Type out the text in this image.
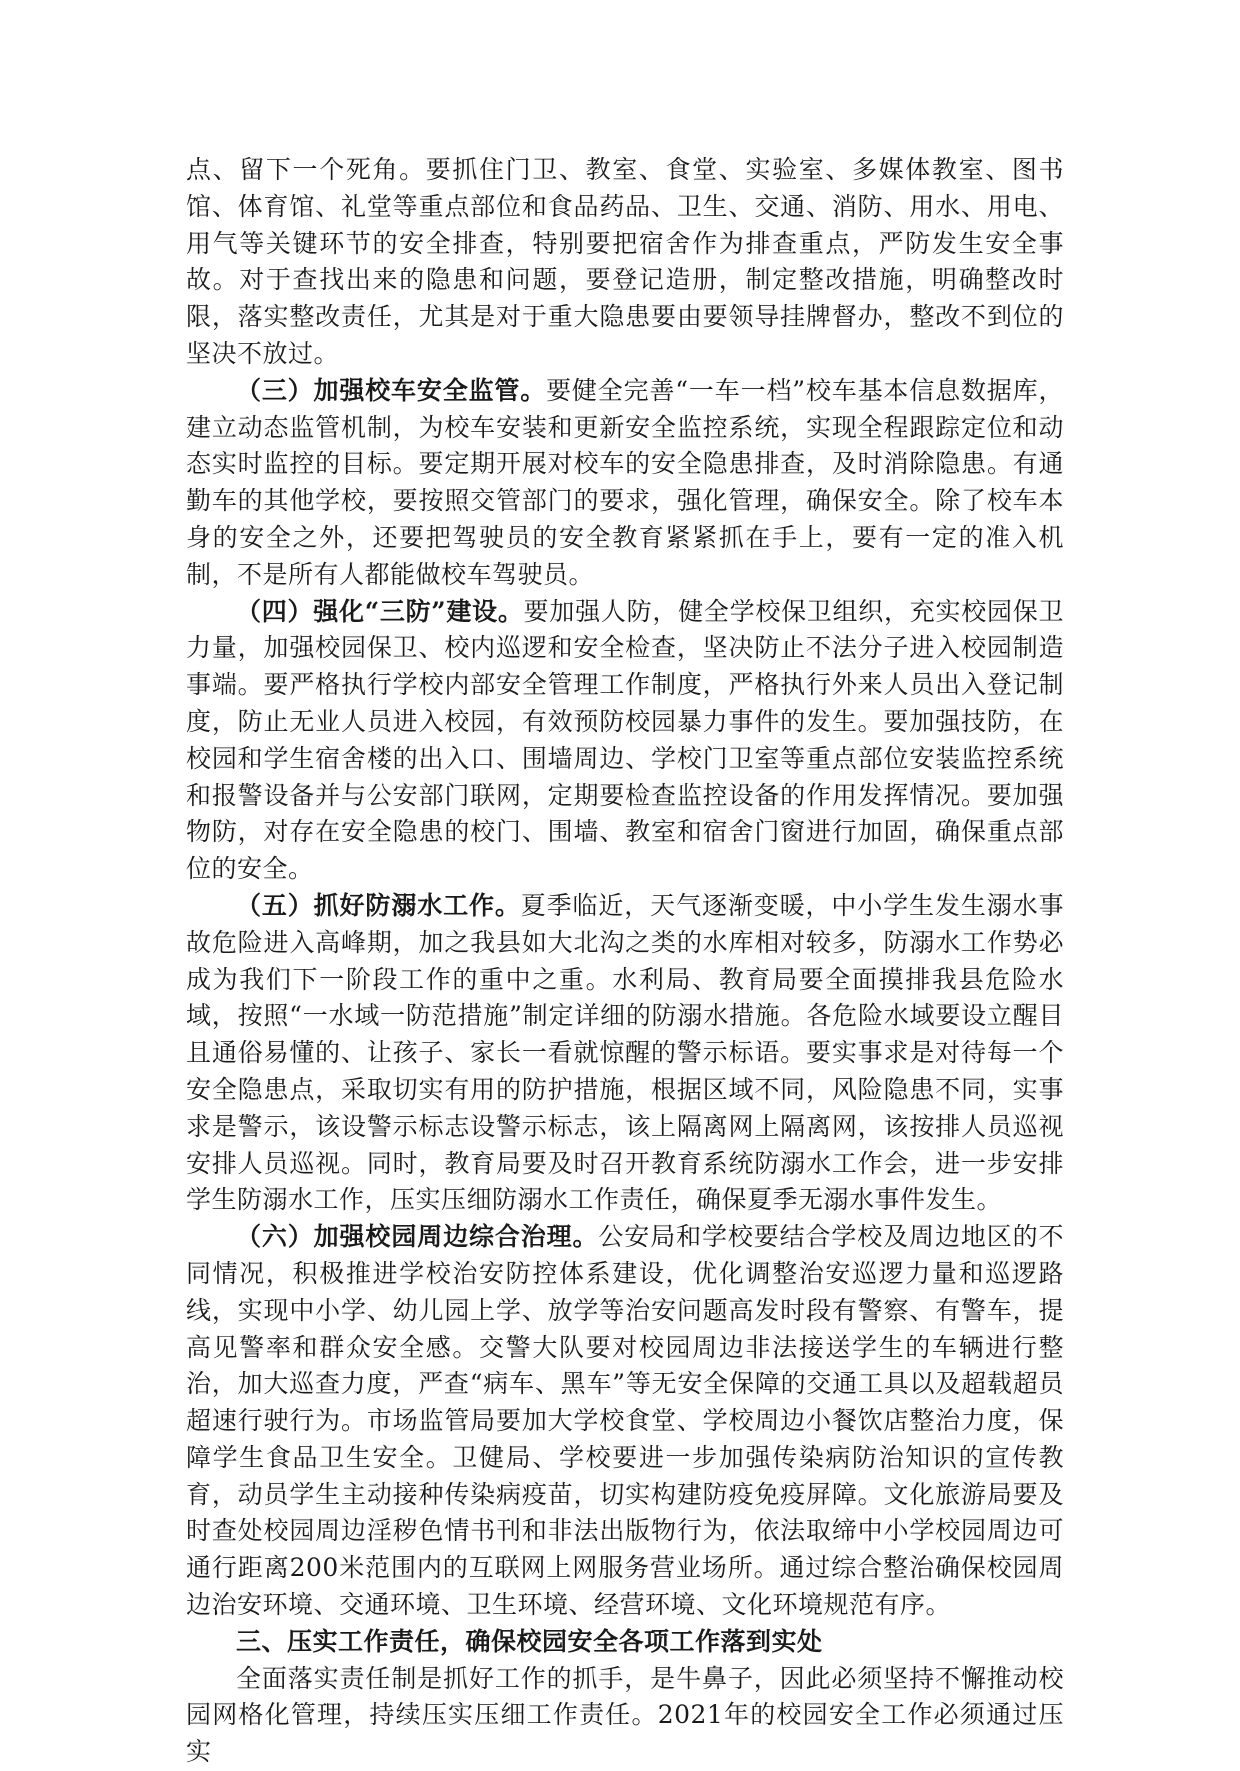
点、留下一个死角。要抓住门卫、教室、食堂、实验室、多媒体教室、图书馆、体育馆、礼堂等重点部位和食品药品、卫生、交通、消防、用水、用电、用气等关键环节的安全排查，特别要把宿舍作为排查重点，严防发生安全事故。对于查找出来的隐患和问题，要登记造册，制定整改措施，明确整改时限，落实整改责任，尤其是对于重大隐患要由要领导挂牌督办，整改不到位的坚决不放过。

（三）加强校车安全监管。要健全完善“一车一档”校车基本信息数据库，建立动态监管机制，为校车安装和更新安全监控系统，实现全程跟踪定位和动态实时监控的目标。要定期开展对校车的安全隐患排查，及时消除隐患。有通勤车的其他学校，要按照交管部门的要求，强化管理，确保安全。除了校车本身的安全之外，还要把驾驶员的安全教育紧紧抓在手上，要有一定的准入机制，不是所有人都能做校车驾驶员。

（四）强化“三防”建设。要加强人防，健全学校保卫组织，充实校园保卫力量，加强校园保卫、校内巡逻和安全检查，坚决防止不法分子进入校园制造事端。要严格执行学校内部安全管理工作制度，严格执行外来人员出入登记制度，防止无业人员进入校园，有效预防校园暴力事件的发生。要加强技防，在校园和学生宿舍楼的出入口、围墙周边、学校门卫室等重点部位安装监控系统和报警设备并与公安部门联网，定期要检查监控设备的作用发挥情况。要加强物防，对存在安全隐患的校门、围墙、教室和宿舍门窗进行加固，确保重点部位的安全。

（五）抓好防溺水工作。夏季临近，天气逐渐变暖，中小学生发生溺水事故危险进入高峰期，加之我县如大北沟之类的水库相对较多，防溺水工作势必成为我们下一阶段工作的重中之重。水利局、教育局要全面摸排我县危险水域，按照“一水域一防范措施”制定详细的防溺水措施。各危险水域要设立醒目且通俗易懂的、让孩子、家长一看就惊醒的警示标语。要实事求是对待每一个安全隐患点，采取切实有用的防护措施，根据区域不同，风险隐患不同，实事求是警示，该设警示标志设警示标志，该上隔离网上隔离网，该按排人员巡视安排人员巡视。同时，教育局要及时召开教育系统防溺水工作会，进一步安排学生防溺水工作，压实压细防溺水工作责任，确保夏季无溺水事件发生。

（六）加强校园周边综合治理。公安局和学校要结合学校及周边地区的不同情况，积极推进学校治安防控体系建设，优化调整治安巡逻力量和巡逻路线，实现中小学、幼儿园上学、放学等治安问题高发时段有警察、有警车，提高见警率和群众安全感。交警大队要对校园周边非法接送学生的车辆进行整治，加大巡查力度，严查“病车、黑车”等无安全保障的交通工具以及超载超员超速行驶行为。市场监管局要加大学校食堂、学校周边小餐饮店整治力度，保障学生食品卫生安全。卫健局、学校要进一步加强传染病防治知识的宣传教育，动员学生主动接种传染病疫苗，切实构建防疫免疫屏障。文化旅游局要及时查处校园周边淫秽色情书刊和非法出版物行为，依法取缔中小学校园周边可通行距离200米范围内的互联网上网服务营业场所。通过综合整治确保校园周边治安环境、交通环境、卫生环境、经营环境、文化环境规范有序。

三、压实工作责任，确保校园安全各项工作落到实处

全面落实责任制是抓好工作的抓手，是牛鼻子，因此必须坚持不懈推动校园网格化管理，持续压实压细工作责任。2021年的校园安全工作必须通过压实
